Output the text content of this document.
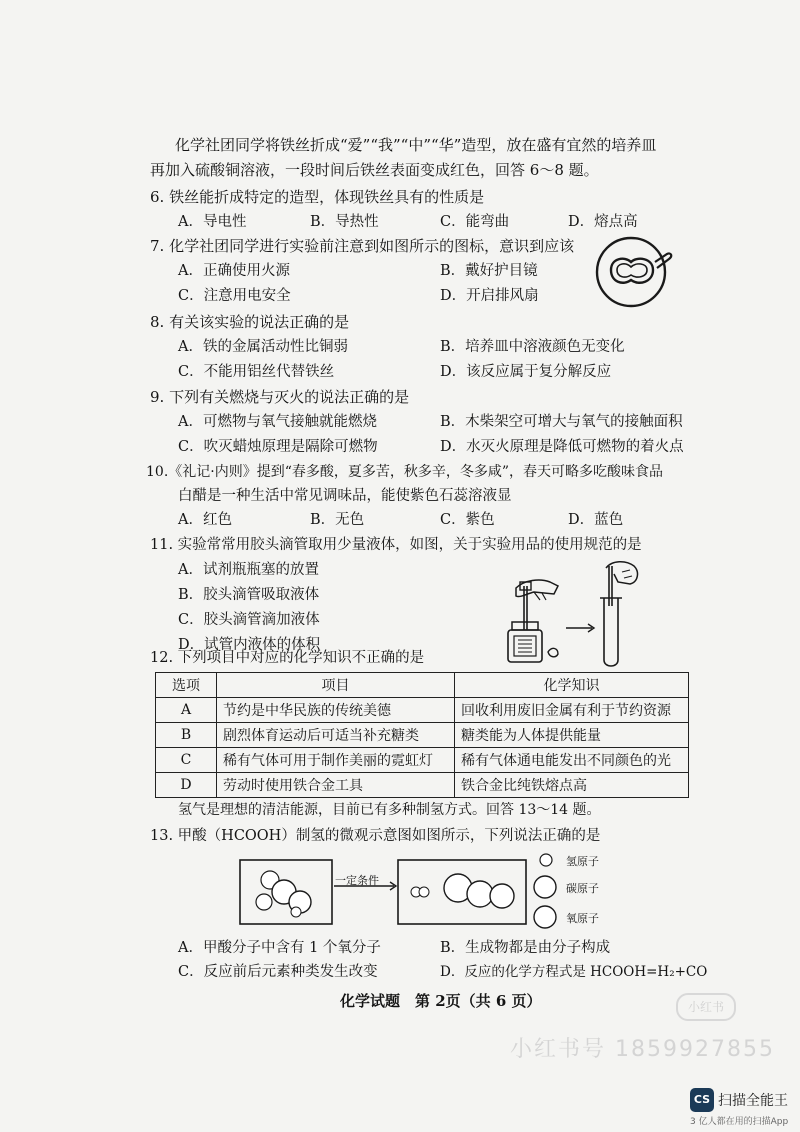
化学社团同学将铁丝折成“爱”“我”“中”“华”造型，放在盛有宜然的培养皿
再加入硫酸铜溶液，一段时间后铁丝表面变成红色，回答 6～8 题。
6. 铁丝能折成特定的造型，体现铁丝具有的性质是
A．导电性	B．导热性	C．能弯曲	D．熔点高
7. 化学社团同学进行实验前注意到如图所示的图标，意识到应该
A．正确使用火源	B．戴好护目镜
C．注意用电安全	D．开启排风扇
8. 有关该实验的说法正确的是
A．铁的金属活动性比铜弱	B．培养皿中溶液颜色无变化
C．不能用铝丝代替铁丝	D．该反应属于复分解反应
9. 下列有关燃烧与灭火的说法正确的是
A．可燃物与氧气接触就能燃烧	B．木柴架空可增大与氧气的接触面积
C．吹灭蜡烛原理是隔除可燃物	D．水灭火原理是降低可燃物的着火点
10.《礼记·内则》提到“春多酸，夏多苦，秋多辛，冬多咸”，春天可略多吃酸味食品
白醋是一种生活中常见调味品，能使紫色石蕊溶液显
A．红色	B．无色	C．紫色	D．蓝色
11. 实验常常用胶头滴管取用少量液体，如图，关于实验用品的使用规范的是
A．试剂瓶瓶塞的放置
B．胶头滴管吸取液体
C．胶头滴管滴加液体
D．试管内液体的体积
12. 下列项目中对应的化学知识不正确的是
选项	项目	化学知识
A	节约是中华民族的传统美德	回收利用废旧金属有利于节约资源
B	剧烈体育运动后可适当补充糖类	糖类能为人体提供能量
C	稀有气体可用于制作美丽的霓虹灯	稀有气体通电能发出不同颜色的光
D	劳动时使用铁合金工具	铁合金比纯铁熔点高
氢气是理想的清洁能源，目前已有多种制氢方式。回答 13～14 题。
13. 甲酸（HCOOH）制氢的微观示意图如图所示，下列说法正确的是
一定条件
氢原子
碳原子
氧原子
A．甲酸分子中含有 1 个氧分子	B．生成物都是由分子构成
C．反应前后元素种类发生改变	D．反应的化学方程式是 HCOOH=H₂+CO
化学试题　第 2页（共 6 页）	小红书
小红书号 1859927855
CS 扫描全能王
3 亿人都在用的扫描App
